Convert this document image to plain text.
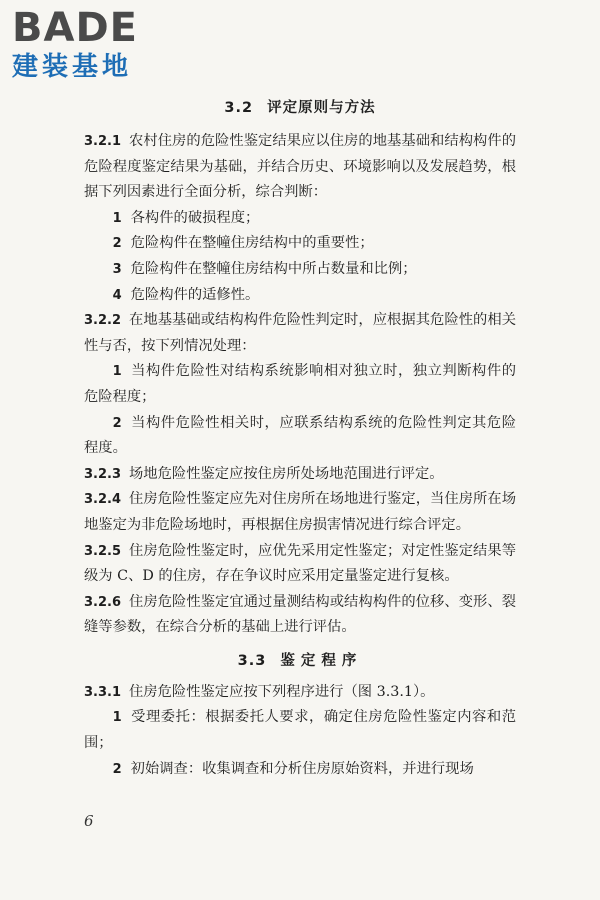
BADE
建装基地
3.2 评定原则与方法

3.2.1 农村住房的危险性鉴定结果应以住房的地基基础和结构构件的危险程度鉴定结果为基础，并结合历史、环境影响以及发展趋势，根据下列因素进行全面分析，综合判断：

1 各构件的破损程度；

2 危险构件在整幢住房结构中的重要性；

3 危险构件在整幢住房结构中所占数量和比例；

4 危险构件的适修性。

3.2.2 在地基基础或结构构件危险性判定时，应根据其危险性的相关性与否，按下列情况处理：

1 当构件危险性对结构系统影响相对独立时，独立判断构件的危险程度；

2 当构件危险性相关时，应联系结构系统的危险性判定其危险程度。

3.2.3 场地危险性鉴定应按住房所处场地范围进行评定。

3.2.4 住房危险性鉴定应先对住房所在场地进行鉴定，当住房所在场地鉴定为非危险场地时，再根据住房损害情况进行综合评定。

3.2.5 住房危险性鉴定时，应优先采用定性鉴定；对定性鉴定结果等级为 C、D 的住房，存在争议时应采用定量鉴定进行复核。

3.2.6 住房危险性鉴定宜通过量测结构或结构构件的位移、变形、裂缝等参数，在综合分析的基础上进行评估。

3.3 鉴定程序

3.3.1 住房危险性鉴定应按下列程序进行（图 3.3.1）。

1 受理委托：根据委托人要求，确定住房危险性鉴定内容和范围；

2 初始调查：收集调查和分析住房原始资料，并进行现场

6
